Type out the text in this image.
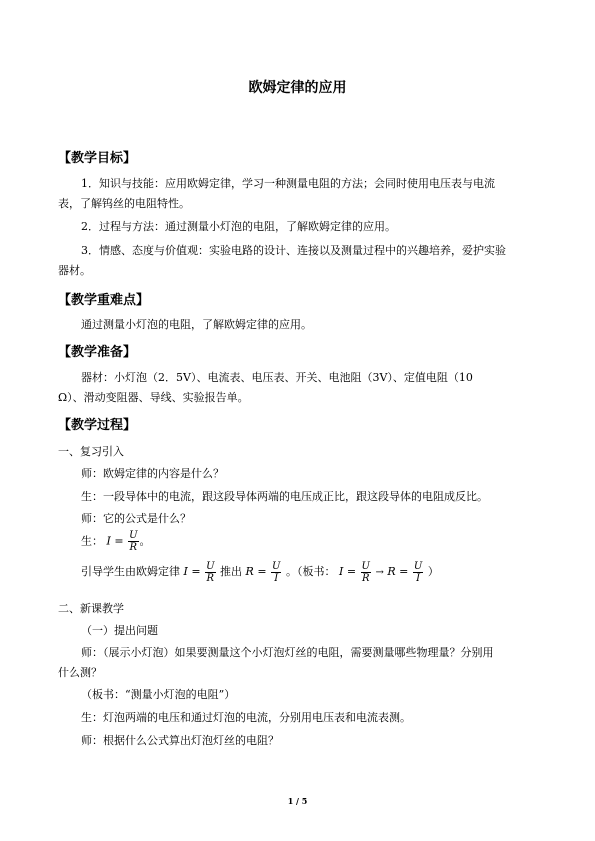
欧姆定律的应用
【教学目标】
1．知识与技能：应用欧姆定律，学习一种测量电阻的方法；会同时使用电压表与电流
表，了解钨丝的电阻特性。
2．过程与方法：通过测量小灯泡的电阻，了解欧姆定律的应用。
3．情感、态度与价值观：实验电路的设计、连接以及测量过程中的兴趣培养，爱护实验
器材。
【教学重难点】
通过测量小灯泡的电阻，了解欧姆定律的应用。
【教学准备】
器材：小灯泡（2．5V）、电流表、电压表、开关、电池阻（3V）、定值电阻（10
Ω）、滑动变阻器、导线、实验报告单。
【教学过程】
一、复习引入
师：欧姆定律的内容是什么？
生：一段导体中的电流，跟这段导体两端的电压成正比，跟这段导体的电阻成反比。
师：它的公式是什么？
生： $I = \frac{U}{R}$ 。
引导学生由欧姆定律 $I = \frac{U}{R}$ 推出 $R = \frac{U}{I}$ 。（板书： $I = \frac{U}{R} \to R = \frac{U}{I}$ ）
二、新课教学
（一）提出问题
师：（展示小灯泡）如果要测量这个小灯泡灯丝的电阻，需要测量哪些物理量？分别用
什么测？
（板书：“测量小灯泡的电阻”）
生：灯泡两端的电压和通过灯泡的电流，分别用电压表和电流表测。
师：根据什么公式算出灯泡灯丝的电阻？
1 / 5
